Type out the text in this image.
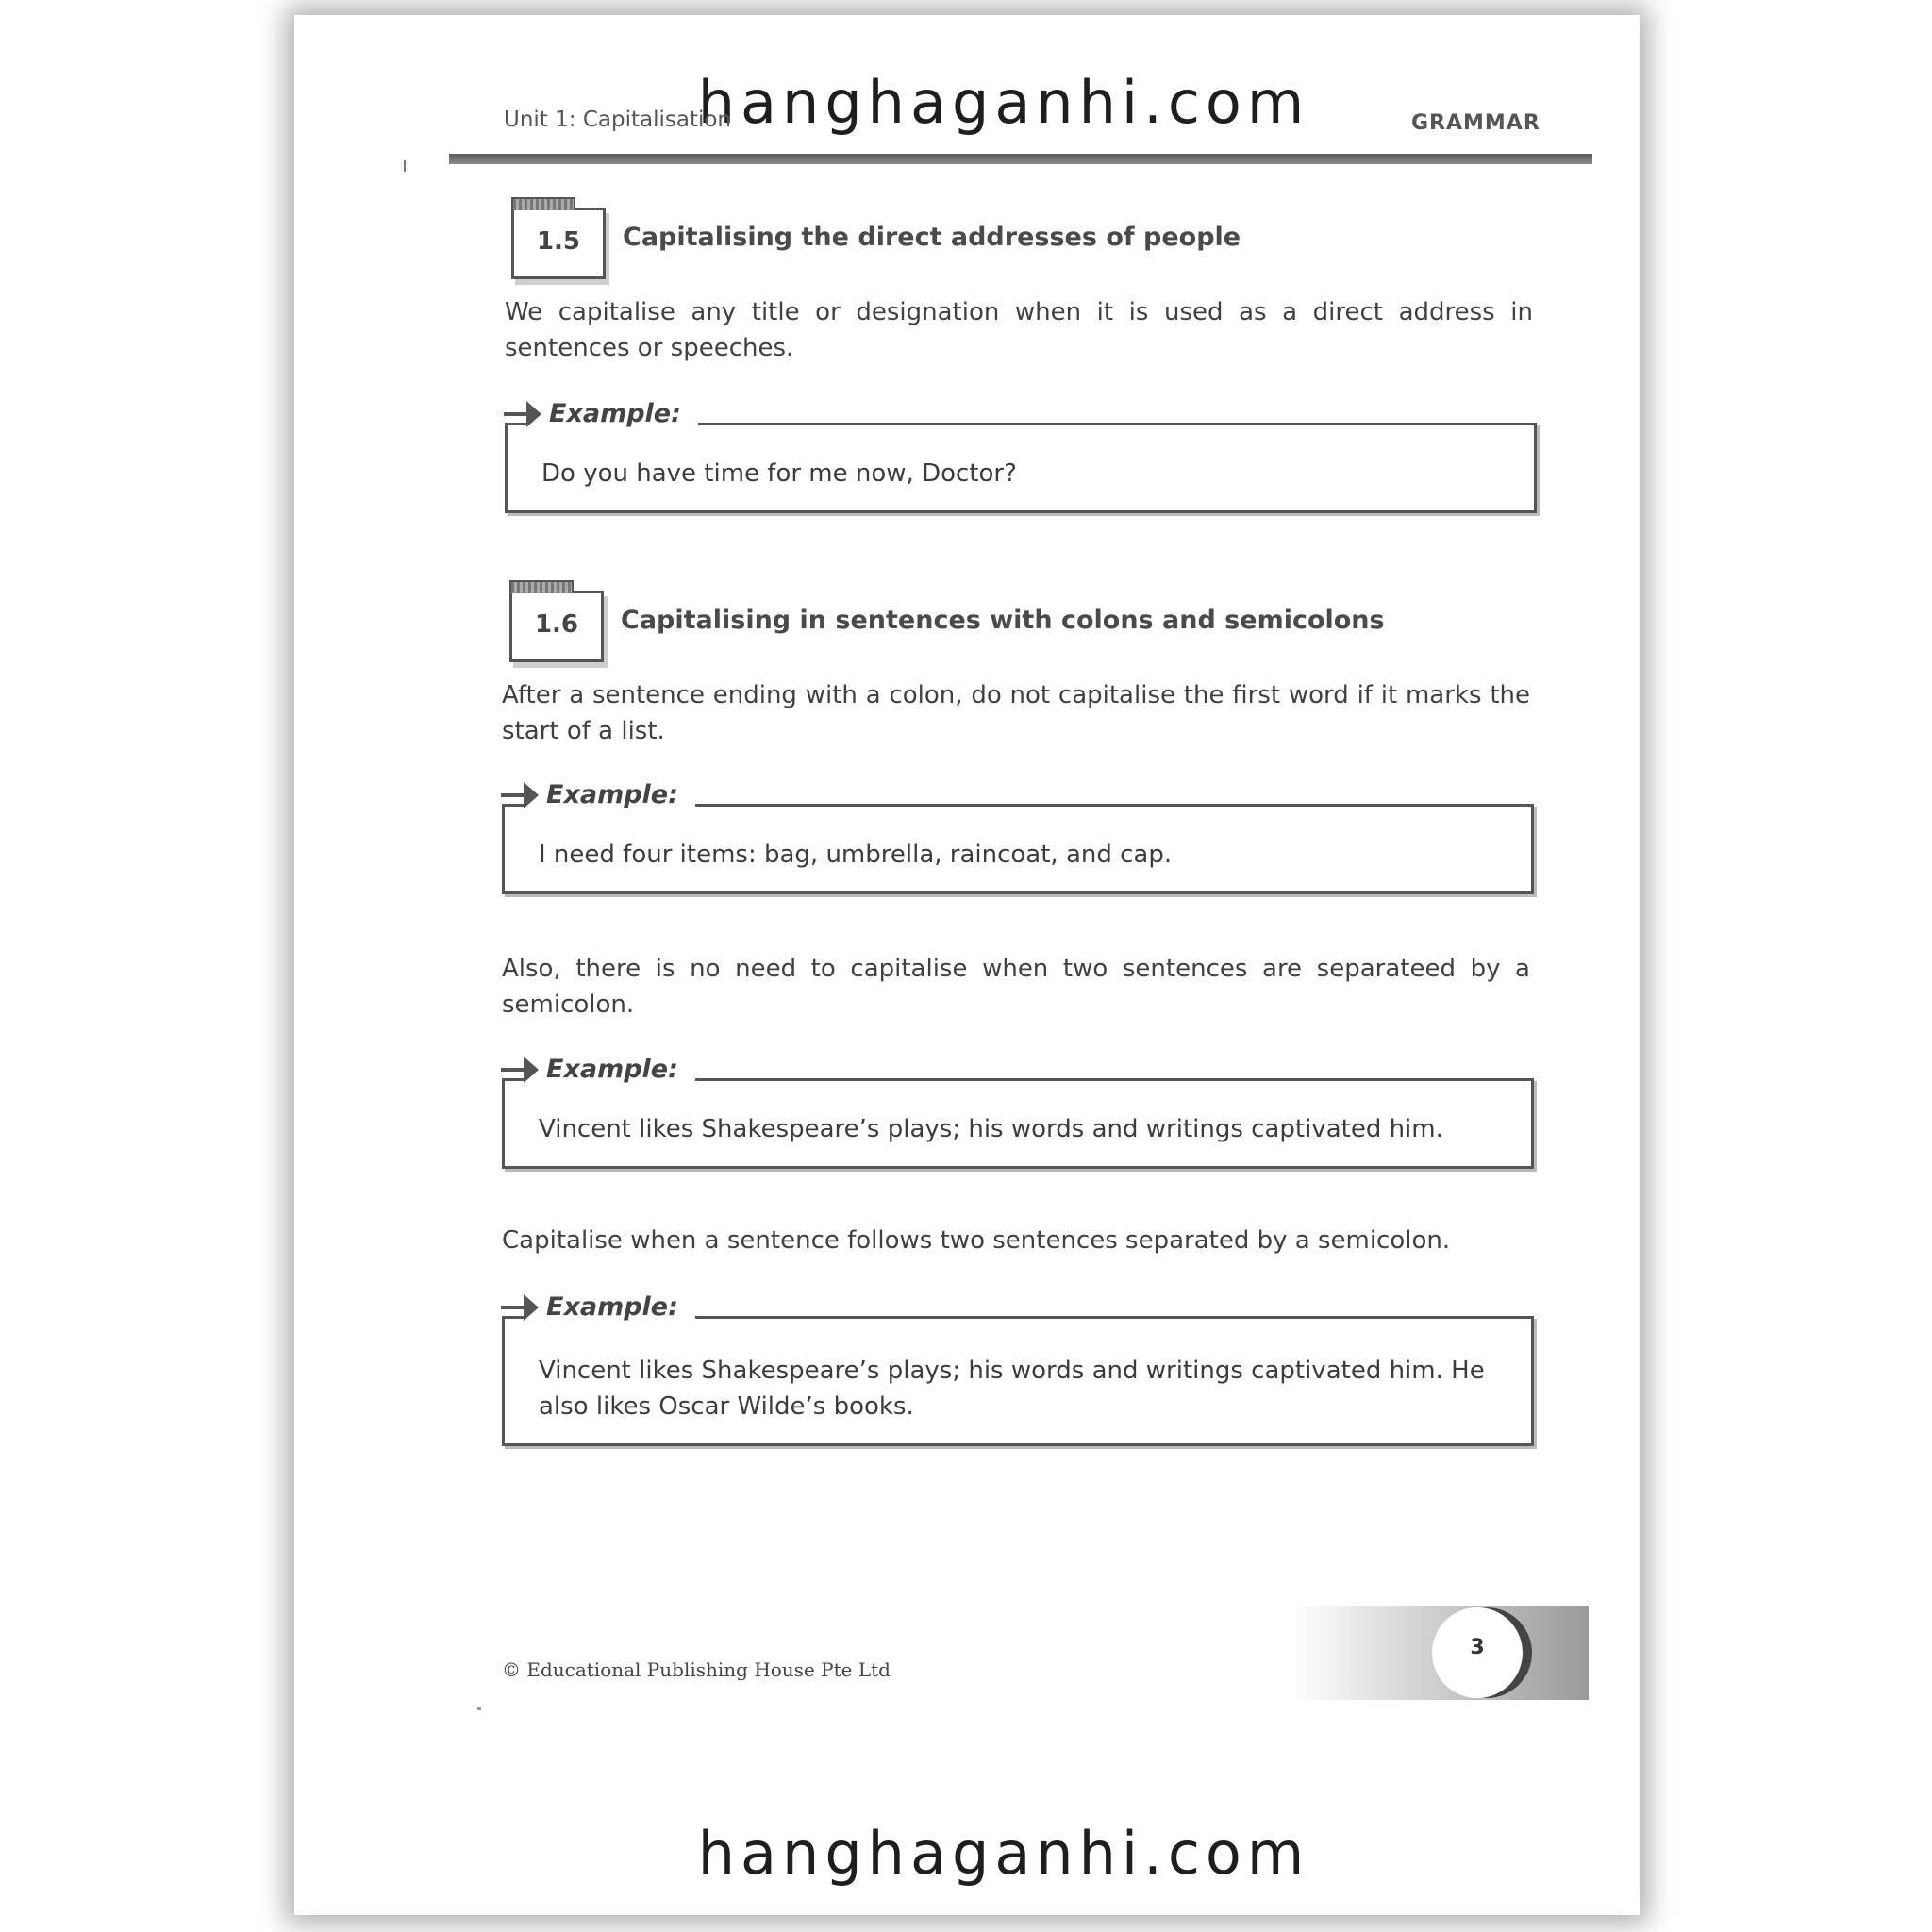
hanghaganhi.com
Unit 1: Capitalisation	GRAMMAR
1.5	Capitalising the direct addresses of people
We capitalise any title or designation when it is used as a direct address in sentences or speeches.
Example:
Do you have time for me now, Doctor?
1.6	Capitalising in sentences with colons and semicolons
After a sentence ending with a colon, do not capitalise the first word if it marks the start of a list.
Example:
I need four items: bag, umbrella, raincoat, and cap.
Also, there is no need to capitalise when two sentences are separateed by a semicolon.
Example:
Vincent likes Shakespeare’s plays; his words and writings captivated him.
Capitalise when a sentence follows two sentences separated by a semicolon.
Example:
Vincent likes Shakespeare’s plays; his words and writings captivated him. He also likes Oscar Wilde’s books.
© Educational Publishing House Pte Ltd
3
hanghaganhi.com
